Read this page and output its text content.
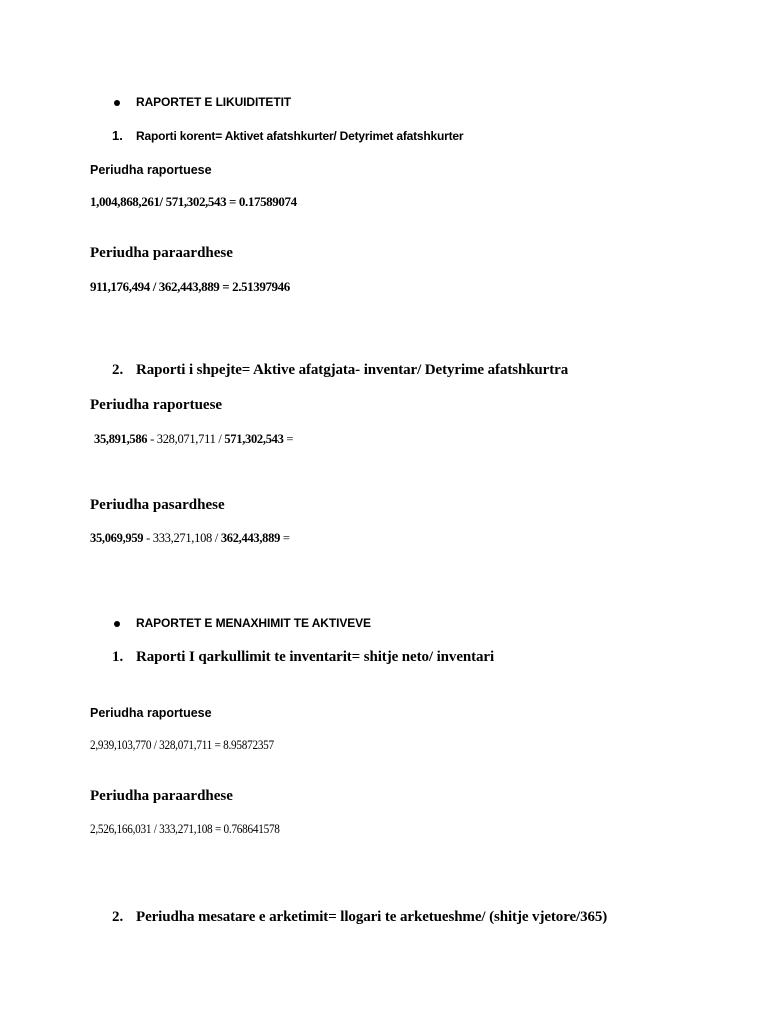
RAPORTET E LIKUIDITETIT
1. Raporti korent= Aktivet afatshkurter/ Detyrimet afatshkurter
Periudha raportuese
1,004,868,261/ 571,302,543 = 0.17589074
Periudha paraardhese
911,176,494 / 362,443,889 = 2.51397946
2. Raporti i shpejte= Aktive afatgjata- inventar/ Detyrime afatshkurtra
Periudha raportuese
35,891,586 - 328,071,711 / 571,302,543 =
Periudha pasardhese
35,069,959 - 333,271,108 / 362,443,889 =
RAPORTET E MENAXHIMIT TE AKTIVEVE
1. Raporti I qarkullimit te inventarit= shitje neto/ inventari
Periudha raportuese
2,939,103,770 / 328,071,711 = 8.95872357
Periudha paraardhese
2,526,166,031 / 333,271,108 = 0.768641578
2. Periudha mesatare e arketimit= llogari te arketueshme/ (shitje vjetore/365)
